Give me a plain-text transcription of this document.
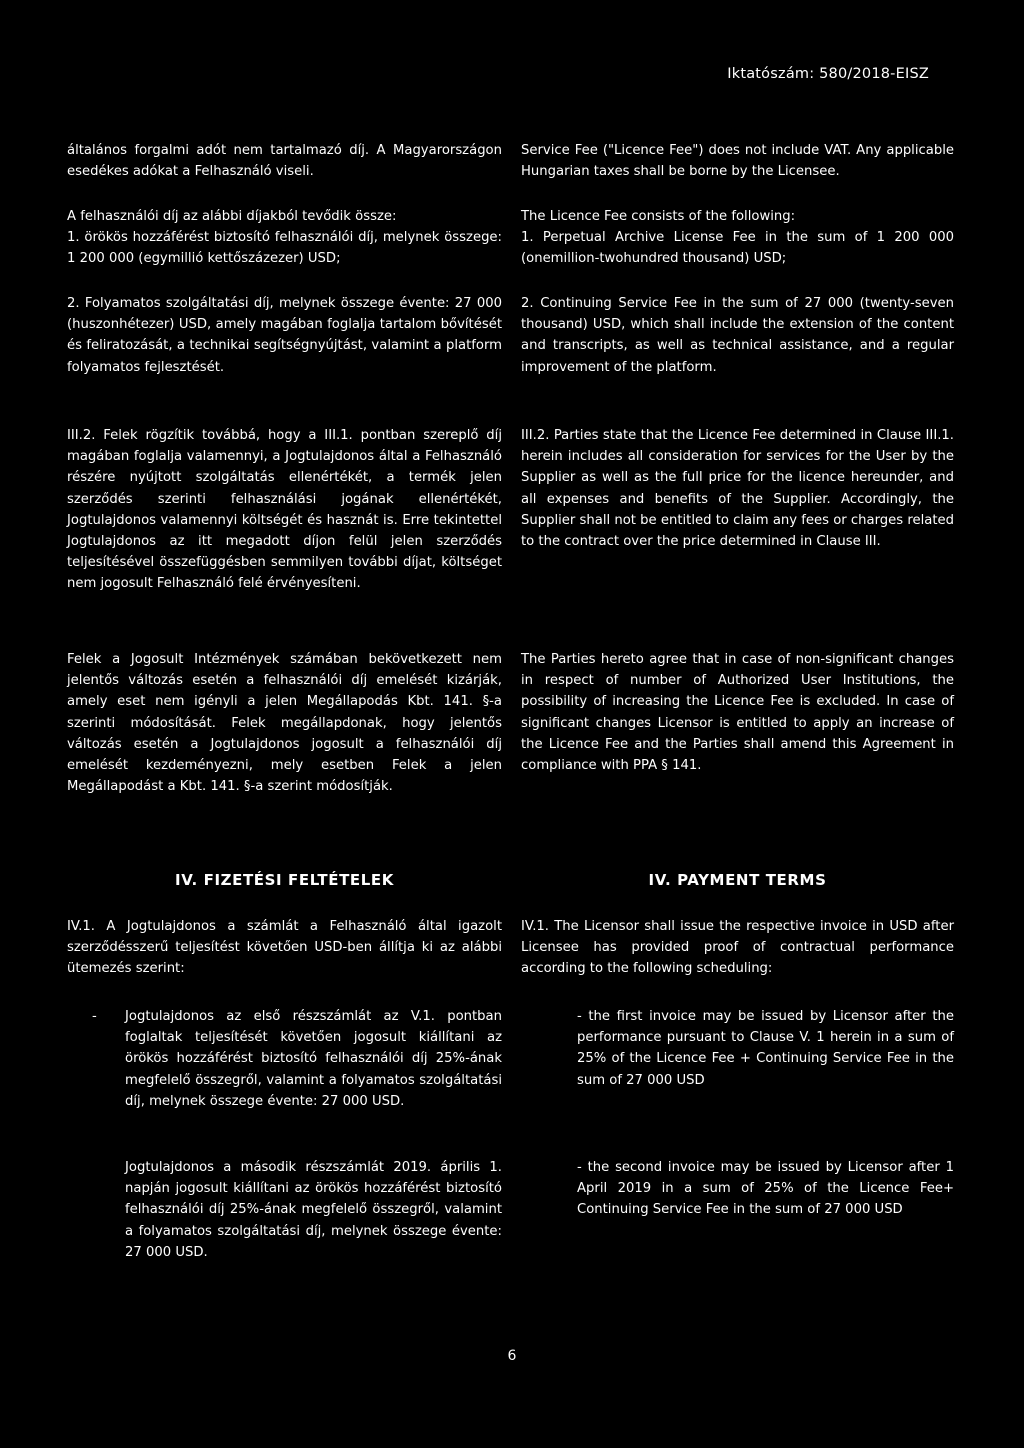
Iktatószám: 580/2018-EISZ

általános forgalmi adót nem tartalmazó díj. A Magyarországon esedékes adókat a Felhasználó viseli.

A felhasználói díj az alábbi díjakból tevődik össze:
1. örökös hozzáférést biztosító felhasználói díj, melynek összege: 1 200 000 (egymillió kettőszázezer) USD;

2. Folyamatos szolgáltatási díj, melynek összege évente: 27 000 (huszonhétezer) USD, amely magában foglalja tartalom bővítését és feliratozását, a technikai segítségnyújtást, valamint a platform folyamatos fejlesztését.

III.2. Felek rögzítik továbbá, hogy a III.1. pontban szereplő díj magában foglalja valamennyi, a Jogtulajdonos által a Felhasználó részére nyújtott szolgáltatás ellenértékét, a termék jelen szerződés szerinti felhasználási jogának ellenértékét, Jogtulajdonos valamennyi költségét és hasznát is. Erre tekintettel Jogtulajdonos az itt megadott díjon felül jelen szerződés teljesítésével összefüggésben semmilyen további díjat, költséget nem jogosult Felhasználó felé érvényesíteni.

Felek a Jogosult Intézmények számában bekövetkezett nem jelentős változás esetén a felhasználói díj emelését kizárják, amely eset nem igényli a jelen Megállapodás Kbt. 141. §-a szerinti módosítását. Felek megállapdonak, hogy jelentős változás esetén a Jogtulajdonos jogosult a felhasználói díj emelését kezdeményezni, mely esetben Felek a jelen Megállapodást a Kbt. 141. §-a szerint módosítják.

IV. FIZETÉSI FELTÉTELEK

IV.1. A Jogtulajdonos a számlát a Felhasználó által igazolt szerződésszerű teljesítést követően USD-ben állítja ki az alábbi ütemezés szerint:

- Jogtulajdonos az első részszámlát az V.1. pontban foglaltak teljesítését követően jogosult kiállítani az örökös hozzáférést biztosító felhasználói díj 25%-ának megfelelő összegről, valamint a folyamatos szolgáltatási díj, melynek összege évente: 27 000 USD.

Jogtulajdonos a második részszámlát 2019. április 1. napján jogosult kiállítani az örökös hozzáférést biztosító felhasználói díj 25%-ának megfelelő összegről, valamint a folyamatos szolgáltatási díj, melynek összege évente: 27 000 USD.

Service Fee ("Licence Fee") does not include VAT. Any applicable Hungarian taxes shall be borne by the Licensee.

The Licence Fee consists of the following:
1. Perpetual Archive License Fee in the sum of 1 200 000 (onemillion-twohundred thousand) USD;

2. Continuing Service Fee in the sum of 27 000 (twenty-seven thousand) USD, which shall include the extension of the content and transcripts, as well as technical assistance, and a regular improvement of the platform.

III.2. Parties state that the Licence Fee determined in Clause III.1. herein includes all consideration for services for the User by the Supplier as well as the full price for the licence hereunder, and all expenses and benefits of the Supplier. Accordingly, the Supplier shall not be entitled to claim any fees or charges related to the contract over the price determined in Clause III.

The Parties hereto agree that in case of non-significant changes in respect of number of Authorized User Institutions, the possibility of increasing the Licence Fee is excluded. In case of significant changes Licensor is entitled to apply an increase of the Licence Fee and the Parties shall amend this Agreement in compliance with PPA § 141.

IV. PAYMENT TERMS

IV.1. The Licensor shall issue the respective invoice in USD after Licensee has provided proof of contractual performance according to the following scheduling:

- the first invoice may be issued by Licensor after the performance pursuant to Clause V. 1 herein in a sum of 25% of the Licence Fee + Continuing Service Fee in the sum of 27 000 USD

- the second invoice may be issued by Licensor after 1 April 2019 in a sum of 25% of the Licence Fee+ Continuing Service Fee in the sum of 27 000 USD

6
